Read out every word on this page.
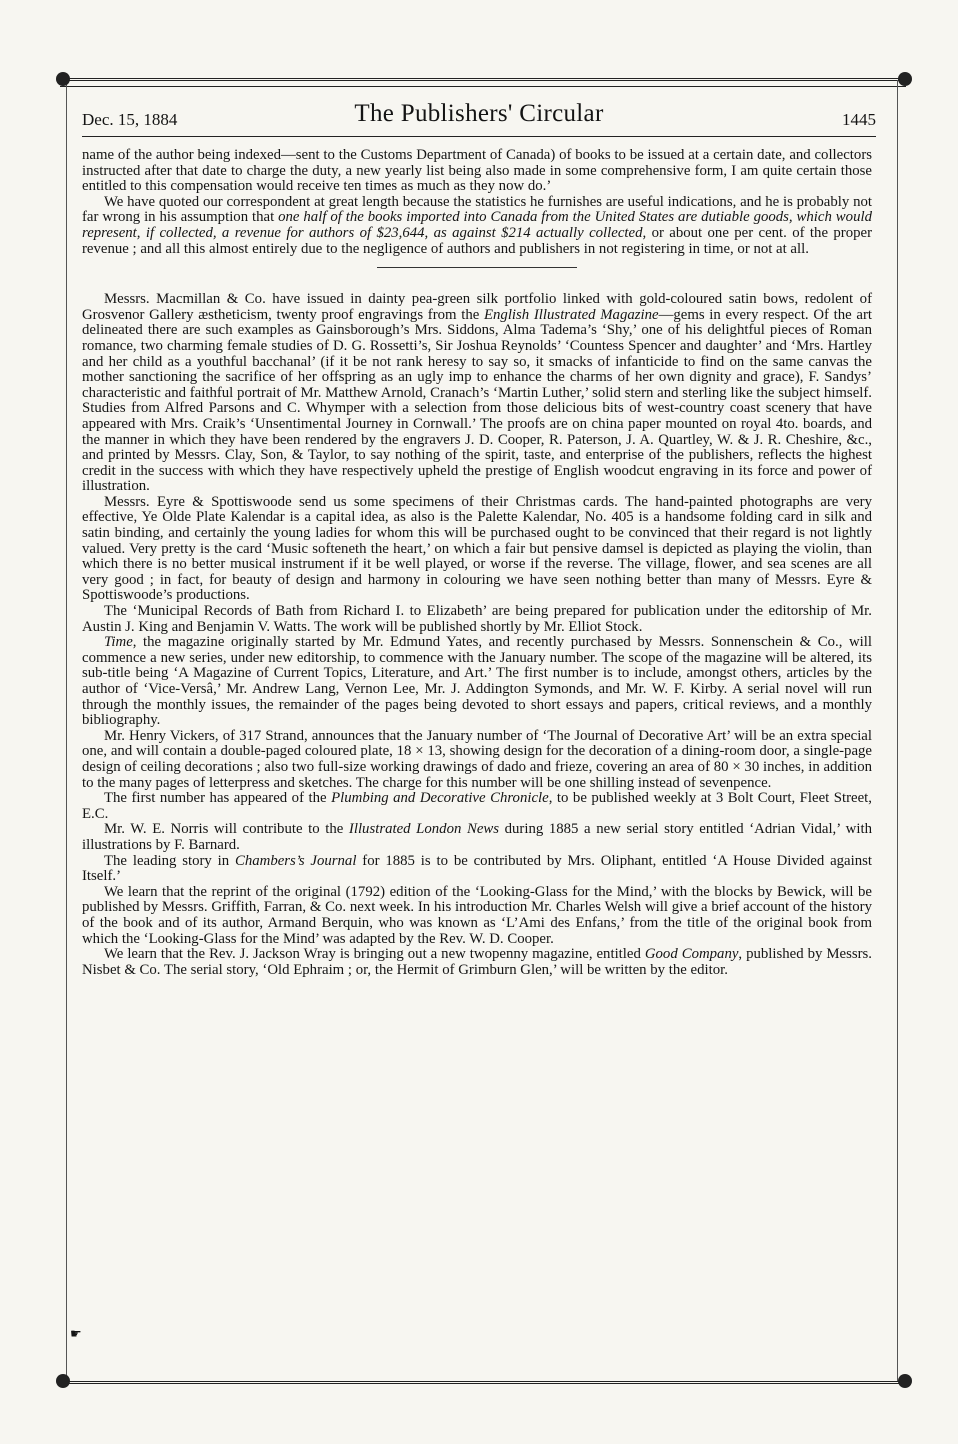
Dec. 15, 1884	The Publishers' Circular	1445

name of the author being indexed—sent to the Customs Department of Canada) of books to be issued at a certain date, and collectors instructed after that date to charge the duty, a new yearly list being also made in some comprehensive form, I am quite certain those entitled to this compensation would receive ten times as much as they now do.’

We have quoted our correspondent at great length because the statistics he furnishes are useful indications, and he is probably not far wrong in his assumption that one half of the books imported into Canada from the United States are dutiable goods, which would represent, if collected, a revenue for authors of $23,644, as against $214 actually collected, or about one per cent. of the proper revenue ; and all this almost entirely due to the negligence of authors and publishers in not registering in time, or not at all.

Messrs. Macmillan & Co. have issued in dainty pea-green silk portfolio linked with gold-coloured satin bows, redolent of Grosvenor Gallery æstheticism, twenty proof engravings from the English Illustrated Magazine—gems in every respect. Of the art delineated there are such examples as Gainsborough’s Mrs. Siddons, Alma Tadema’s ‘Shy,’ one of his delightful pieces of Roman romance, two charming female studies of D. G. Rossetti’s, Sir Joshua Reynolds’ ‘Countess Spencer and daughter’ and ‘Mrs. Hartley and her child as a youthful bacchanal’ (if it be not rank heresy to say so, it smacks of infanticide to find on the same canvas the mother sanctioning the sacrifice of her offspring as an ugly imp to enhance the charms of her own dignity and grace), F. Sandys’ characteristic and faithful portrait of Mr. Matthew Arnold, Cranach’s ‘Martin Luther,’ solid stern and sterling like the subject himself. Studies from Alfred Parsons and C. Whymper with a selection from those delicious bits of west-country coast scenery that have appeared with Mrs. Craik’s ‘Unsentimental Journey in Cornwall.’ The proofs are on china paper mounted on royal 4to. boards, and the manner in which they have been rendered by the engravers J. D. Cooper, R. Paterson, J. A. Quartley, W. & J. R. Cheshire, &c., and printed by Messrs. Clay, Son, & Taylor, to say nothing of the spirit, taste, and enterprise of the publishers, reflects the highest credit in the success with which they have respectively upheld the prestige of English woodcut engraving in its force and power of illustration.

Messrs. Eyre & Spottiswoode send us some specimens of their Christmas cards. The hand-painted photographs are very effective, Ye Olde Plate Kalendar is a capital idea, as also is the Palette Kalendar, No. 405 is a handsome folding card in silk and satin binding, and certainly the young ladies for whom this will be purchased ought to be convinced that their regard is not lightly valued. Very pretty is the card ‘Music softeneth the heart,’ on which a fair but pensive damsel is depicted as playing the violin, than which there is no better musical instrument if it be well played, or worse if the reverse. The village, flower, and sea scenes are all very good ; in fact, for beauty of design and harmony in colouring we have seen nothing better than many of Messrs. Eyre & Spottiswoode’s productions.

The ‘Municipal Records of Bath from Richard I. to Elizabeth’ are being prepared for publication under the editorship of Mr. Austin J. King and Benjamin V. Watts. The work will be published shortly by Mr. Elliot Stock.

Time, the magazine originally started by Mr. Edmund Yates, and recently purchased by Messrs. Sonnenschein & Co., will commence a new series, under new editorship, to commence with the January number. The scope of the magazine will be altered, its sub-title being ‘A Magazine of Current Topics, Literature, and Art.’ The first number is to include, amongst others, articles by the author of ‘Vice-Versâ,’ Mr. Andrew Lang, Vernon Lee, Mr. J. Addington Symonds, and Mr. W. F. Kirby. A serial novel will run through the monthly issues, the remainder of the pages being devoted to short essays and papers, critical reviews, and a monthly bibliography.

Mr. Henry Vickers, of 317 Strand, announces that the January number of ‘The Journal of Decorative Art’ will be an extra special one, and will contain a double-paged coloured plate, 18 × 13, showing design for the decoration of a dining-room door, a single-page design of ceiling decorations ; also two full-size working drawings of dado and frieze, covering an area of 80 × 30 inches, in addition to the many pages of letterpress and sketches. The charge for this number will be one shilling instead of sevenpence.

The first number has appeared of the Plumbing and Decorative Chronicle, to be published weekly at 3 Bolt Court, Fleet Street, E.C.

Mr. W. E. Norris will contribute to the Illustrated London News during 1885 a new serial story entitled ‘Adrian Vidal,’ with illustrations by F. Barnard.

The leading story in Chambers’s Journal for 1885 is to be contributed by Mrs. Oliphant, entitled ‘A House Divided against Itself.’

We learn that the reprint of the original (1792) edition of the ‘Looking-Glass for the Mind,’ with the blocks by Bewick, will be published by Messrs. Griffith, Farran, & Co. next week. In his introduction Mr. Charles Welsh will give a brief account of the history of the book and of its author, Armand Berquin, who was known as ‘L’Ami des Enfans,’ from the title of the original book from which the ‘Looking-Glass for the Mind’ was adapted by the Rev. W. D. Cooper.

We learn that the Rev. J. Jackson Wray is bringing out a new twopenny magazine, entitled Good Company, published by Messrs. Nisbet & Co. The serial story, ‘Old Ephraim ; or, the Hermit of Grimburn Glen,’ will be written by the editor.

☛
